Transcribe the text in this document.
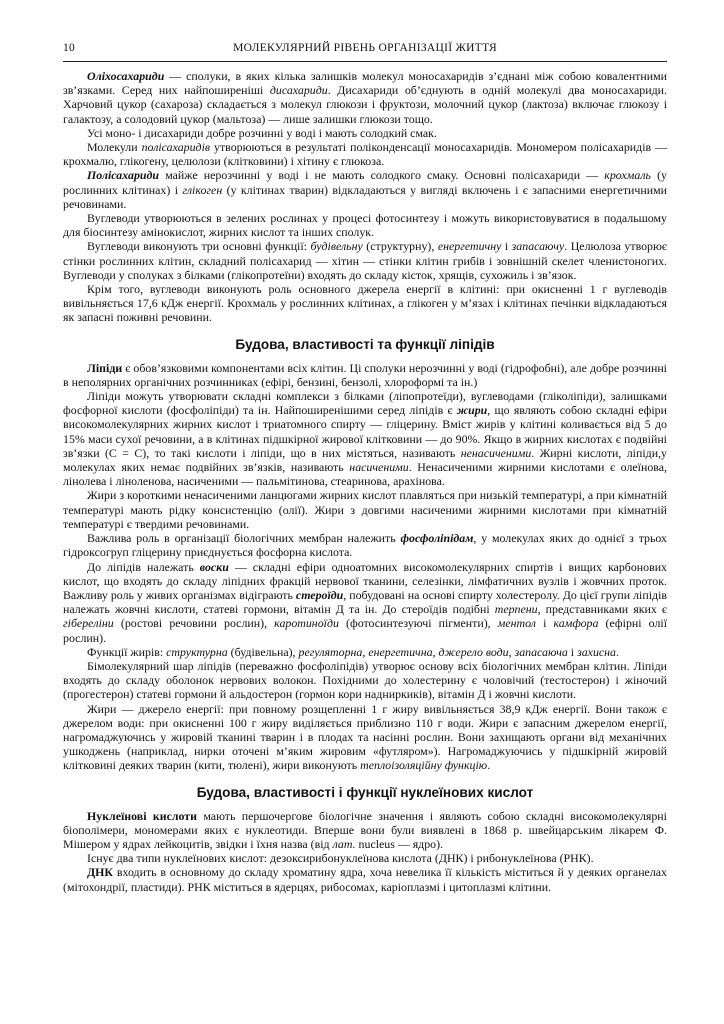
10	МОЛЕКУЛЯРНИЙ РІВЕНЬ ОРГАНІЗАЦІЇ ЖИТТЯ

Оліхосахариди — сполуки, в яких кілька залишків молекул моносахаридів з’єднані між собою ковалентними зв’язками. Серед них найпоширеніші дисахариди. Дисахариди об’єднують в одній молекулі два моносахариди. Харчовий цукор (сахароза) складається з молекул глюкози і фруктози, молочний цукор (лактоза) включає глюкозу і галактозу, а солодовий цукор (мальтоза) — лише залишки глюкози тощо.

Усі моно- і дисахариди добре розчинні у воді і мають солодкий смак.

Молекули полісахаридів утворюються в результаті поліконденсації моносахаридів. Мономером полісахаридів — крохмалю, глікогену, целюлози (клітковини) і хітину є глюкоза.

Полісахариди майже нерозчинні у воді і не мають солодкого смаку. Основні полісахариди — крохмаль (у рослинних клітинах) і глікоген (у клітинах тварин) відкладаються у вигляді включень і є запасними енергетичними речовинами.

Вуглеводи утворюються в зелених рослинах у процесі фотосинтезу і можуть використовуватися в подальшому для біосинтезу амінокислот, жирних кислот та інших сполук.

Вуглеводи виконують три основні функції: будівельну (структурну), енергетичну і запасаючу. Целюлоза утворює стінки рослинних клітин, складний полісахарид — хітин — стінки клітин грибів і зовнішній скелет членистоногих. Вуглеводи у сполуках з білками (глікопротеїни) входять до складу кісток, хрящів, сухожиль і зв’язок.

Крім того, вуглеводи виконують роль основного джерела енергії в клітині: при окисненні 1 г вуглеводів вивільняється 17,6 кДж енергії. Крохмаль у рослинних клітинах, а глікоген у м’язах і клітинах печінки відкладаються як запасні поживні речовини.

Будова, властивості та функції ліпідів

Ліпіди є обов’язковими компонентами всіх клітин. Ці сполуки нерозчинні у воді (гідрофобні), але добре розчинні в неполярних органічних розчинниках (ефірі, бензині, бензолі, хлороформі та ін.)

Ліпіди можуть утворювати складні комплекси з білками (ліпопротеїди), вуглеводами (гліколіпіди), залишками фосфорної кислоти (фосфоліпіди) та ін. Найпоширенішими серед ліпідів є жири, що являють собою складні ефіри високомолекулярних жирних кислот і триатомного спирту — гліцерину. Вміст жирів у клітині коливається від 5 до 15% маси сухої речовини, а в клітинах підшкірної жирової клітковини — до 90%. Якщо в жирних кислотах є подвійні зв’язки (С = С), то такі кислоти і ліпіди, що в них містяться, називають ненасиченими. Жирні кислоти, ліпіди,у молекулах яких немає подвійних зв’язків, називають насиченими. Ненасиченими жирними кислотами є олеїнова, лінолева і ліноленова, насиченими — пальмітинова, стеаринова, арахінова.

Жири з короткими ненасиченими ланцюгами жирних кислот плавляться при низькій температурі, а при кімнатній температурі мають рідку консистенцію (олії). Жири з довгими насиченими жирними кислотами при кімнатній температурі є твердими речовинами.

Важлива роль в організації біологічних мембран належить фосфоліпідам, у молекулах яких до однієї з трьох гідроксогруп гліцерину приєднується фосфорна кислота.

До ліпідів належать воски — складні ефіри одноатомних високомолекулярних спиртів і вищих карбонових кислот, що входять до складу ліпідних фракцій нервової тканини, селезінки, лімфатичних вузлів і жовчних проток. Важливу роль у живих організмах відіграють стероїди, побудовані на основі спирту холестеролу. До цієї групи ліпідів належать жовчні кислоти, статеві гормони, вітамін Д та ін. До стероїдів подібні терпени, представниками яких є гіберeліни (ростові речовини рослин), каротиноїди (фотосинтезуючі пігменти), ментол і камфора (ефірні олії рослин).

Функції жирів: структурна (будівельна), регуляторна, енергетична, джерело води, запасаюча і захисна.

Бімолекулярний шар ліпідів (переважно фосфоліпідів) утворює основу всіх біологічних мембран клітин. Ліпіди входять до складу оболонок нервових волокон. Похідними до холестерину є чоловічий (тестостерон) і жіночий (прогестерон) статеві гормони й альдостерон (гормон кори надниркиків), вітамін Д і жовчні кислоти.

Жири — джерело енергії: при повному розщепленні 1 г жиру вивільняється 38,9 кДж енергії. Вони також є джерелом води: при окисненні 100 г жиру виділяється приблизно 110 г води. Жири є запасним джерелом енергії, нагромаджуючись у жировій тканині тварин і в плодах та насінні рослин. Вони захищають органи від механічних ушкоджень (наприклад, нирки оточені м’яким жировим «футляром»). Нагромаджуючись у підшкірній жировій клітковині деяких тварин (кити, тюлені), жири виконують теплоізоляційну функцію.

Будова, властивості і функції нуклеїнових кислот

Нуклеїнові кислоти мають першочергове біологічне значення і являють собою складні високомолекулярні біополімери, мономерами яких є нуклеотиди. Вперше вони були виявлені в 1868 р. швейцарським лікарем Ф. Мішером у ядрах лейкоцитів, звідки і їхня назва (від лат. nucleus — ядро).

Існує два типи нуклеїнових кислот: дезоксирибонуклеїнова кислота (ДНК) і рибонуклеїнова (РНК).

ДНК входить в основному до складу хроматину ядра, хоча невелика її кількість міститься й у деяких органелах (мітохондрії, пластиди). РНК міститься в ядерцях, рибосомах, каріоплазмі і цитоплазмі клітини.
